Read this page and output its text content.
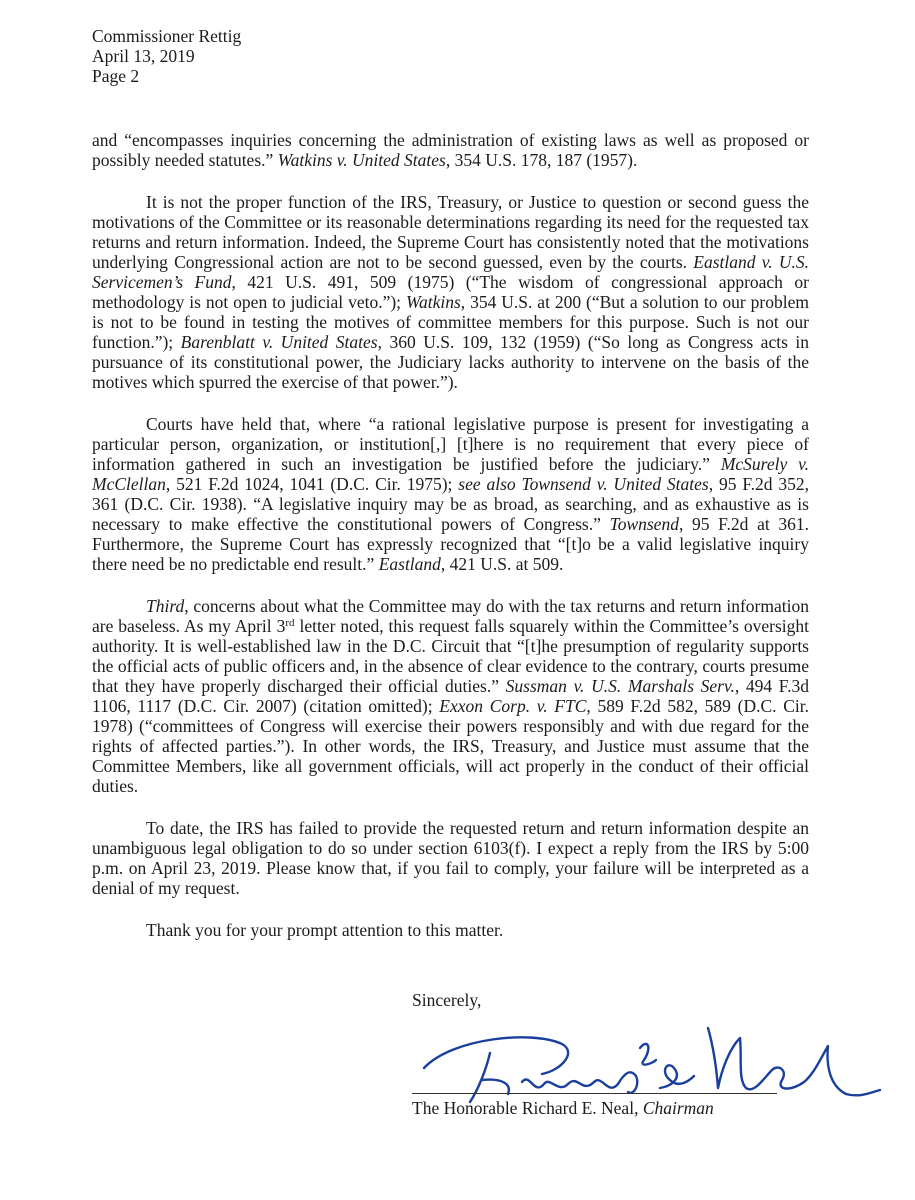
Commissioner Rettig
April 13, 2019
Page 2

and “encompasses inquiries concerning the administration of existing laws as well as proposed or possibly needed statutes.” Watkins v. United States, 354 U.S. 178, 187 (1957).

It is not the proper function of the IRS, Treasury, or Justice to question or second guess the motivations of the Committee or its reasonable determinations regarding its need for the requested tax returns and return information. Indeed, the Supreme Court has consistently noted that the motivations underlying Congressional action are not to be second guessed, even by the courts. Eastland v. U.S. Servicemen’s Fund, 421 U.S. 491, 509 (1975) (“The wisdom of congressional approach or methodology is not open to judicial veto.”); Watkins, 354 U.S. at 200 (“But a solution to our problem is not to be found in testing the motives of committee members for this purpose. Such is not our function.”); Barenblatt v. United States, 360 U.S. 109, 132 (1959) (“So long as Congress acts in pursuance of its constitutional power, the Judiciary lacks authority to intervene on the basis of the motives which spurred the exercise of that power.”).

Courts have held that, where “a rational legislative purpose is present for investigating a particular person, organization, or institution[,] [t]here is no requirement that every piece of information gathered in such an investigation be justified before the judiciary.” McSurely v. McClellan, 521 F.2d 1024, 1041 (D.C. Cir. 1975); see also Townsend v. United States, 95 F.2d 352, 361 (D.C. Cir. 1938). “A legislative inquiry may be as broad, as searching, and as exhaustive as is necessary to make effective the constitutional powers of Congress.” Townsend, 95 F.2d at 361. Furthermore, the Supreme Court has expressly recognized that “[t]o be a valid legislative inquiry there need be no predictable end result.” Eastland, 421 U.S. at 509.

Third, concerns about what the Committee may do with the tax returns and return information are baseless. As my April 3rd letter noted, this request falls squarely within the Committee’s oversight authority. It is well-established law in the D.C. Circuit that “[t]he presumption of regularity supports the official acts of public officers and, in the absence of clear evidence to the contrary, courts presume that they have properly discharged their official duties.” Sussman v. U.S. Marshals Serv., 494 F.3d 1106, 1117 (D.C. Cir. 2007) (citation omitted); Exxon Corp. v. FTC, 589 F.2d 582, 589 (D.C. Cir. 1978) (“committees of Congress will exercise their powers responsibly and with due regard for the rights of affected parties.”). In other words, the IRS, Treasury, and Justice must assume that the Committee Members, like all government officials, will act properly in the conduct of their official duties.

To date, the IRS has failed to provide the requested return and return information despite an unambiguous legal obligation to do so under section 6103(f). I expect a reply from the IRS by 5:00 p.m. on April 23, 2019. Please know that, if you fail to comply, your failure will be interpreted as a denial of my request.

Thank you for your prompt attention to this matter.

Sincerely,
The Honorable Richard E. Neal, Chairman
